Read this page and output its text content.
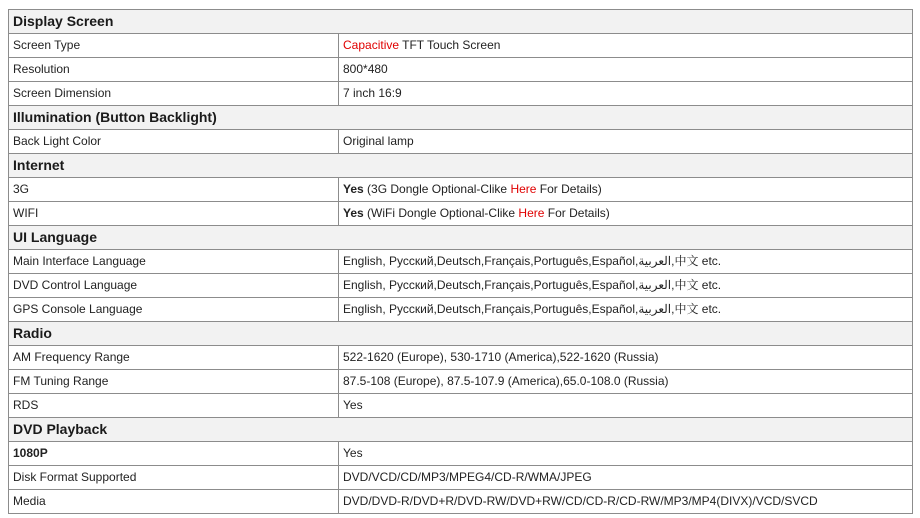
Display Screen	
Screen Type	Capacitive TFT Touch Screen
Resolution	800*480
Screen Dimension	7 inch 16:9
Illumination (Button Backlight)	
Back Light Color	Original lamp
Internet	
3G	Yes (3G Dongle Optional-Clike Here For Details)
WIFI	Yes (WiFi Dongle Optional-Clike Here For Details)
UI Language	
Main Interface Language	English, Русский,Deutsch,Français,Português,Español,العربية,中文 etc.
DVD Control Language	English, Русский,Deutsch,Français,Português,Español,العربية,中文 etc.
GPS Console Language	English, Русский,Deutsch,Français,Português,Español,العربية,中文 etc.
Radio	
AM Frequency Range	522-1620 (Europe), 530-1710 (America),522-1620 (Russia)
FM Tuning Range	87.5-108 (Europe), 87.5-107.9 (America),65.0-108.0 (Russia)
RDS	Yes
DVD Playback	
1080P	Yes
Disk Format Supported	DVD/VCD/CD/MP3/MPEG4/CD-R/WMA/JPEG
Media	DVD/DVD-R/DVD+R/DVD-RW/DVD+RW/CD/CD-R/CD-RW/MP3/MP4(DIVX)/VCD/SVCD
